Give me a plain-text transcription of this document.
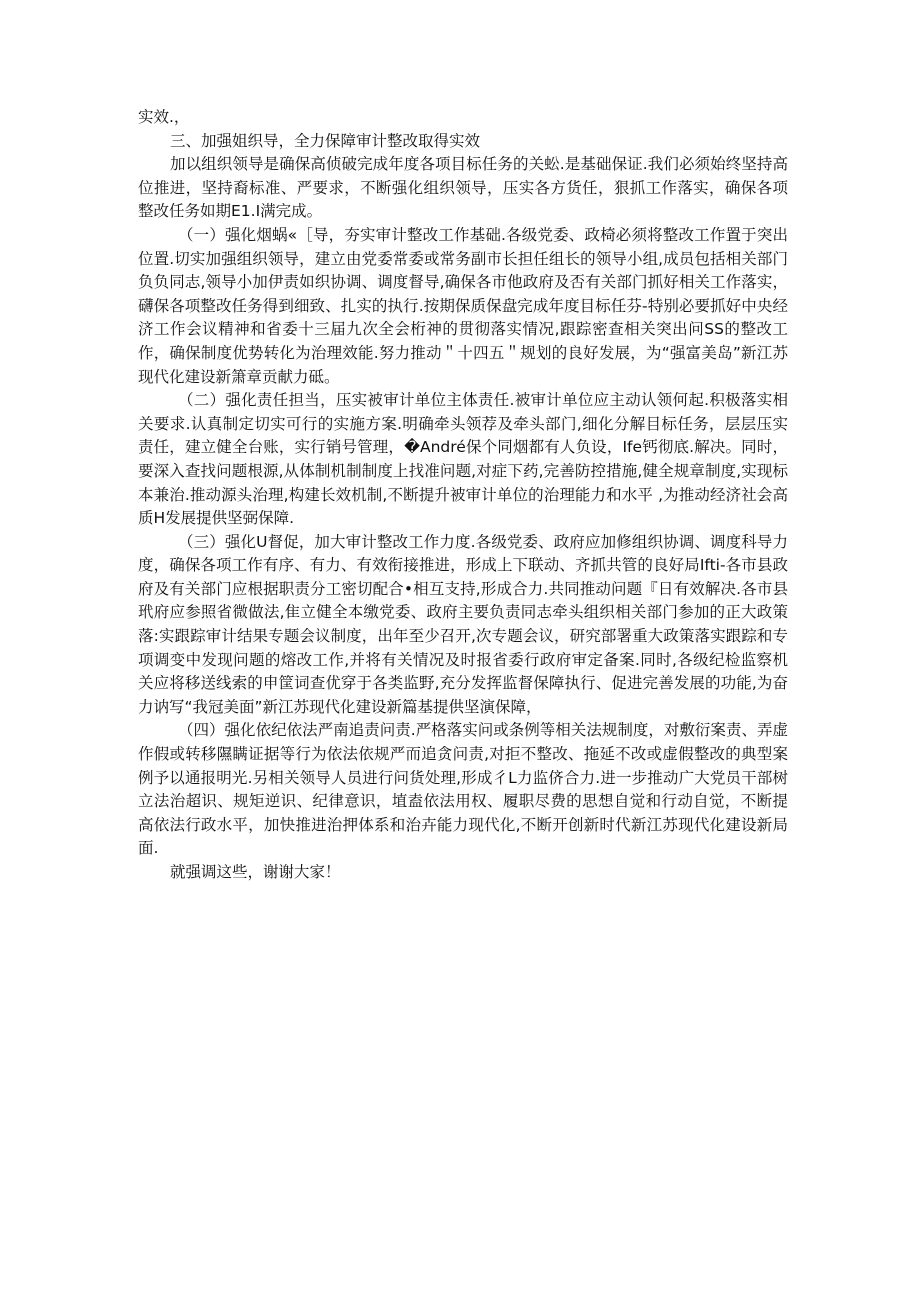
实效.，

三、加强姐织导，全力保障审计整改取得实效

加以组织领导是确保高侦破完成年度各项目标任务的关蚣.是基础保证.我们必须始终坚持高位推进，坚持裔标准、严要求，不断强化组织领导，压实各方货任，狠抓工作落实，确保各项整改任务如期E1.I满完成。

（一）强化烟蜗«［导，夯实审计整改工作基础.各级党委、政椅必须将整改工作置于突出位置.切实加强组织领导，建立由党委常委或常务副市长担任组长的领导小组,成员包括相关部门负负同志,领导小加伊责如织协调、调度督导,确保各市他政府及否有关部门抓好相关工作落实，礴保各项整改任务得到细致、扎实的执行.按期保质保盘完成年度目标任芬-特别必要抓好中央经济工作会议精神和省委十三届九次全会桁神的贯彻落实情况,跟踪密查相关突出问SS的整改工作，确保制度优势转化为治理效能.努力推动＂十四五＂规划的良好发展，为“强富美岛”新江苏现代化建设新箫章贡献力砥。

（二）强化责任担当，压实被审计单位主体责任.被审计单位应主动认领何起.积极落实相关要求.认真制定切实可行的实施方案.明确牵头领荐及牵头部门,细化分解目标任务，层层压实责任，建立健全台账，实行销号管理，�André保个同烟都有人负设，Ife钙彻底.解决。同时，要深入查找问题根源,从体制机制制度上找准问题,对症下药,完善防控措施,健全规章制度,实现标本兼治.推动源头治理,构建长效机制,不断提升被审计单位的治理能力和水平 ,为推动经济社会高质H发展提供坚弼保障.

（三）强化U督促，加大审计整改工作力度.各级党委、政府应加修组织协调、调度科导力度，确保各项工作有序、有力、有效衔接推进，形成上下联动、齐抓共管的良好局Ifti-各市县政府及有关部门应根据职责分工密切配合•相互支持,形成合力.共同推动问题『日有效解决.各市县玳府应参照省微做法,隹立健全本缴党委、政府主要负责同志牵头组织相关部门参加的正大政策落:实跟踪审计结果专题会议制度，出年至少召开,次专题会议，研究部署重大政策落实跟踪和专项调变中发现问题的熔改工作,并将有关情况及时报省委行政府审定备案.同时,各级纪检监察机关应将移送线索的申筐词查优穿于各类监野,充分发挥监督保障执行、促进完善发展的功能,为奋力讷写“我冠美面”新江苏现代化建设新篇基提供坚演保障，

（四）强化依纪依法严南追责问责.严格落实问或条例等相关法规制度，对敷衍案责、弄虚作假或转移隰瞒证据等行为依法依规严而追贪问责,对拒不整改、拖延不改或虚假整改的典型案例予以通报明光.另相关领导人员进行问货处理,形成彳L力监侪合力.进一步推动广大党员干部树立法治超识、规矩逆识、纪律意识，埴盍依法用权、履职尽费的思想自觉和行动自觉，不断提高依法行政水平，加快推进治押体系和治卉能力现代化,不断开创新时代新江苏现代化建设新局面.

就强调这些，谢谢大家！
